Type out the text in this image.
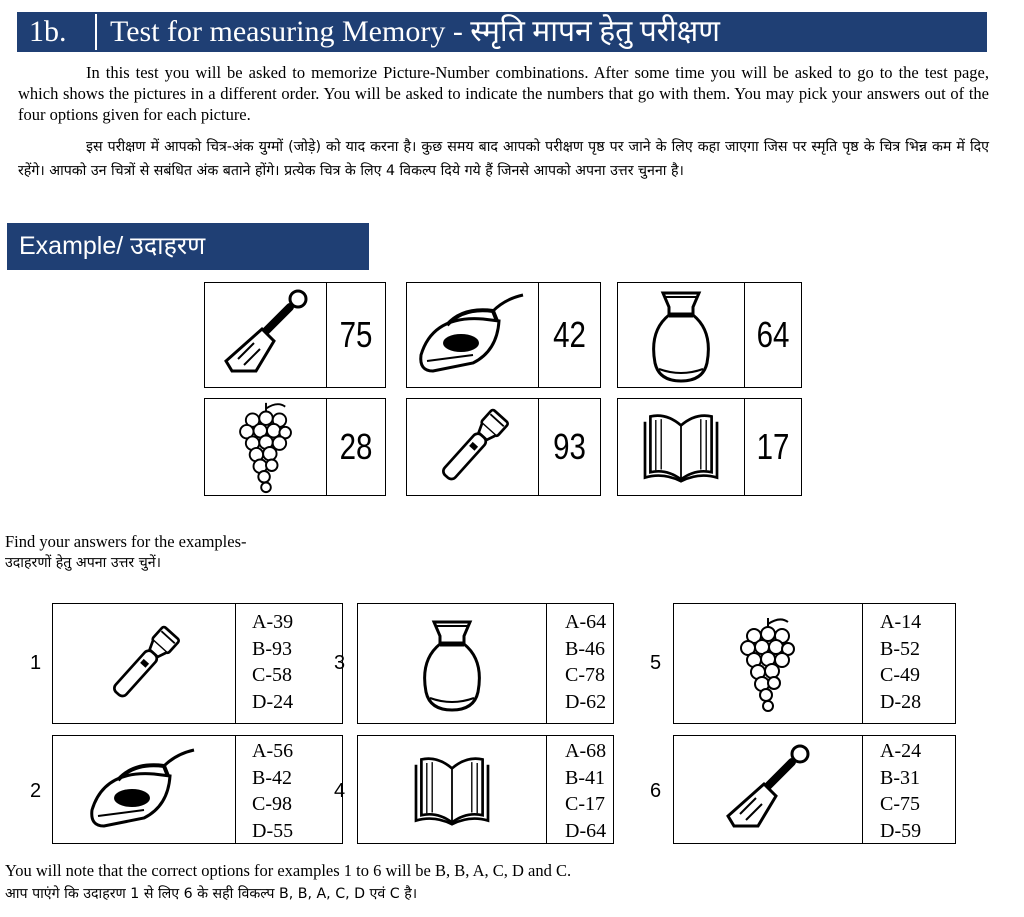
1b. Test for measuring Memory - स्मृति मापन हेतु परीक्षण

In this test you will be asked to memorize Picture-Number combinations. After some time you will be asked to go to the test page, which shows the pictures in a different order. You will be asked to indicate the numbers that go with them. You may pick your answers out of the four options given for each picture.

इस परीक्षण में आपको चित्र-अंक युग्मों (जोड़े) को याद करना है। कुछ समय बाद आपको परीक्षण पृष्ठ पर जाने के लिए कहा जाएगा जिस पर स्मृति पृष्ठ के चित्र भिन्न कम में दिए रहेंगे। आपको उन चित्रों से सबंधित अंक बताने होंगे। प्रत्येक चित्र के लिए 4 विकल्प दिये गये हैं जिनसे आपको अपना उत्तर चुनना है।

Example/ उदाहरण
75	42	64
28	93	17
Find your answers for the examples-
उदाहरणों हेतु अपना उत्तर चुनें।
1
A-39
B-93
C-58
D-24
2
A-56
B-42
C-98
D-55
3
A-64
B-46
C-78
D-62
4
A-68
B-41
C-17
D-64
5
A-14
B-52
C-49
D-28
6
A-24
B-31
C-75
D-59
You will note that the correct options for examples 1 to 6 will be B, B, A, C, D and C.
आप पाएंगे कि उदाहरण 1 से लिए 6 के सही विकल्प B, B, A, C, D एवं C है।
